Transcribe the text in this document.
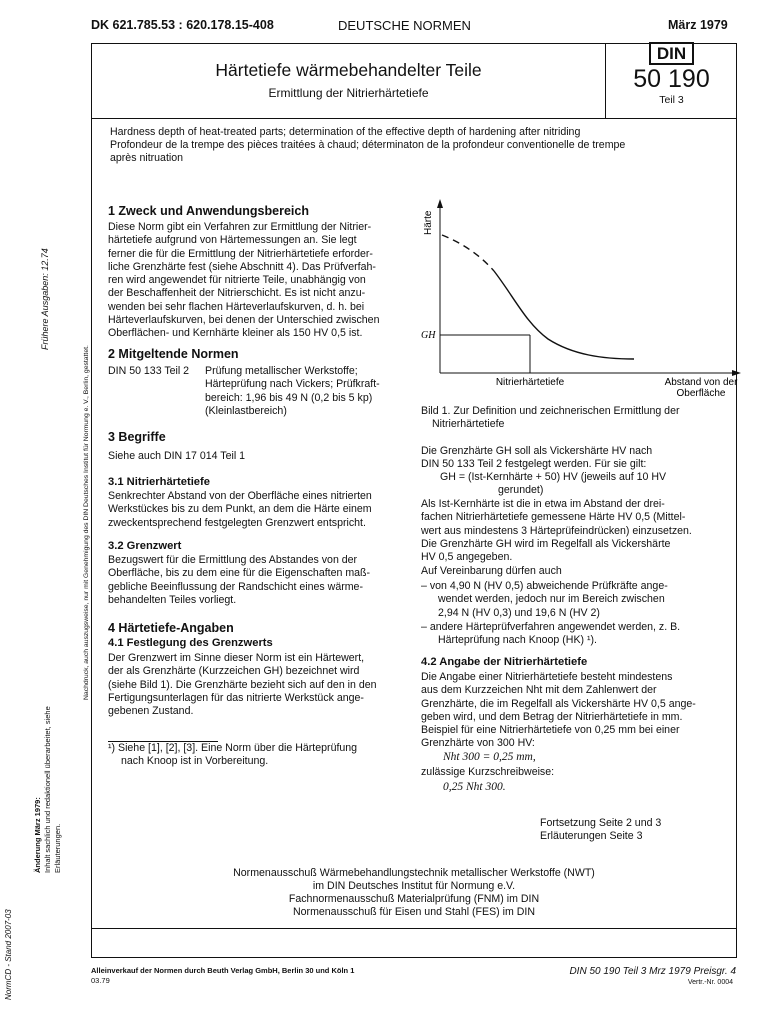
DK 621.785.53 : 620.178.15-408	DEUTSCHE NORMEN	März 1979
Härtetiefe wärmebehandelter Teile
Ermittlung der Nitrierhärtetiefe
DIN
50 190
Teil 3
Hardness depth of heat-treated parts; determination of the effective depth of hardening after nitriding
Profondeur de la trempe des pièces traitées à chaud; déterminaton de la profondeur conventionelle de trempe
après nitruation
1 Zweck und Anwendungsbereich
Diese Norm gibt ein Verfahren zur Ermittlung der Nitrier-
härtetiefe aufgrund von Härtemessungen an. Sie legt
ferner die für die Ermittlung der Nitrierhärtetiefe erforder-
liche Grenzhärte fest (siehe Abschnitt 4). Das Prüfverfah-
ren wird angewendet für nitrierte Teile, unabhängig von
der Beschaffenheit der Nitrierschicht. Es ist nicht anzu-
wenden bei sehr flachen Härteverlaufskurven, d. h. bei
Härteverlaufskurven, bei denen der Unterschied zwischen
Oberflächen- und Kernhärte kleiner als 150 HV 0,5 ist.
2 Mitgeltende Normen
DIN 50 133 Teil 2	Prüfung metallischer Werkstoffe;
Härteprüfung nach Vickers; Prüfkraft-
bereich: 1,96 bis 49 N (0,2 bis 5 kp)
(Kleinlastbereich)
3 Begriffe
Siehe auch DIN 17 014 Teil 1
3.1 Nitrierhärtetiefe
Senkrechter Abstand von der Oberfläche eines nitrierten
Werkstückes bis zu dem Punkt, an dem die Härte einem
zweckentsprechend festgelegten Grenzwert entspricht.
3.2 Grenzwert
Bezugswert für die Ermittlung des Abstandes von der
Oberfläche, bis zu dem eine für die Eigenschaften maß-
gebliche Beeinflussung der Randschicht eines wärme-
behandelten Teiles vorliegt.
4 Härtetiefe-Angaben
4.1 Festlegung des Grenzwerts
Der Grenzwert im Sinne dieser Norm ist ein Härtewert,
der als Grenzhärte (Kurzzeichen GH) bezeichnet wird
(siehe Bild 1). Die Grenzhärte bezieht sich auf den in den
Fertigungsunterlagen für das nitrierte Werkstück ange-
gebenen Zustand.
¹) Siehe [1], [2], [3]. Eine Norm über die Härteprüfung
nach Knoop ist in Vorbereitung.
Härte
GH
Nitrierhärtetiefe	Abstand von der
Oberfläche
Bild 1. Zur Definition und zeichnerischen Ermittlung der
Nitrierhärtetiefe
Die Grenzhärte GH soll als Vickershärte HV nach
DIN 50 133 Teil 2 festgelegt werden. Für sie gilt:
GH = (Ist-Kernhärte + 50) HV (jeweils auf 10 HV
gerundet)
Als Ist-Kernhärte ist die in etwa im Abstand der drei-
fachen Nitrierhärtetiefe gemessene Härte HV 0,5 (Mittel-
wert aus mindestens 3 Härteprüfeindrücken) einzusetzen.
Die Grenzhärte GH wird im Regelfall als Vickershärte
HV 0,5 angegeben.
Auf Vereinbarung dürfen auch
– von 4,90 N (HV 0,5) abweichende Prüfkräfte ange-
wendet werden, jedoch nur im Bereich zwischen
2,94 N (HV 0,3) und 19,6 N (HV 2)
– andere Härteprüfverfahren angewendet werden, z. B.
Härteprüfung nach Knoop (HK) ¹).
4.2 Angabe der Nitrierhärtetiefe
Die Angabe einer Nitrierhärtetiefe besteht mindestens
aus dem Kurzzeichen Nht mit dem Zahlenwert der
Grenzhärte, die im Regelfall als Vickershärte HV 0,5 ange-
geben wird, und dem Betrag der Nitrierhärtetiefe in mm.
Beispiel für eine Nitrierhärtetiefe von 0,25 mm bei einer
Grenzhärte von 300 HV:
Nht 300 = 0,25 mm,
zulässige Kurzschreibweise:
0,25 Nht 300.
Fortsetzung Seite 2 und 3
Erläuterungen Seite 3
Normenausschuß Wärmebehandlungstechnik metallischer Werkstoffe (NWT)
im DIN Deutsches Institut für Normung e.V.
Fachnormenausschuß Materialprüfung (FNM) im DIN
Normenausschuß für Eisen und Stahl (FES) im DIN
Alleinverkauf der Normen durch Beuth Verlag GmbH, Berlin 30 und Köln 1
03.79
DIN 50 190 Teil 3 Mrz 1979 Preisgr. 4
Vertr.-Nr. 0004
Frühere Ausgaben: 12.74
Nachdruck, auch auszugsweise, nur mit Genehmigung des DIN Deutsches Institut für Normung e. V., Berlin, gestattet.
Änderung März 1979: Inhalt sachlich und redaktionell überarbeitet, siehe Erläuterungen.
NormCD - Stand 2007-03
